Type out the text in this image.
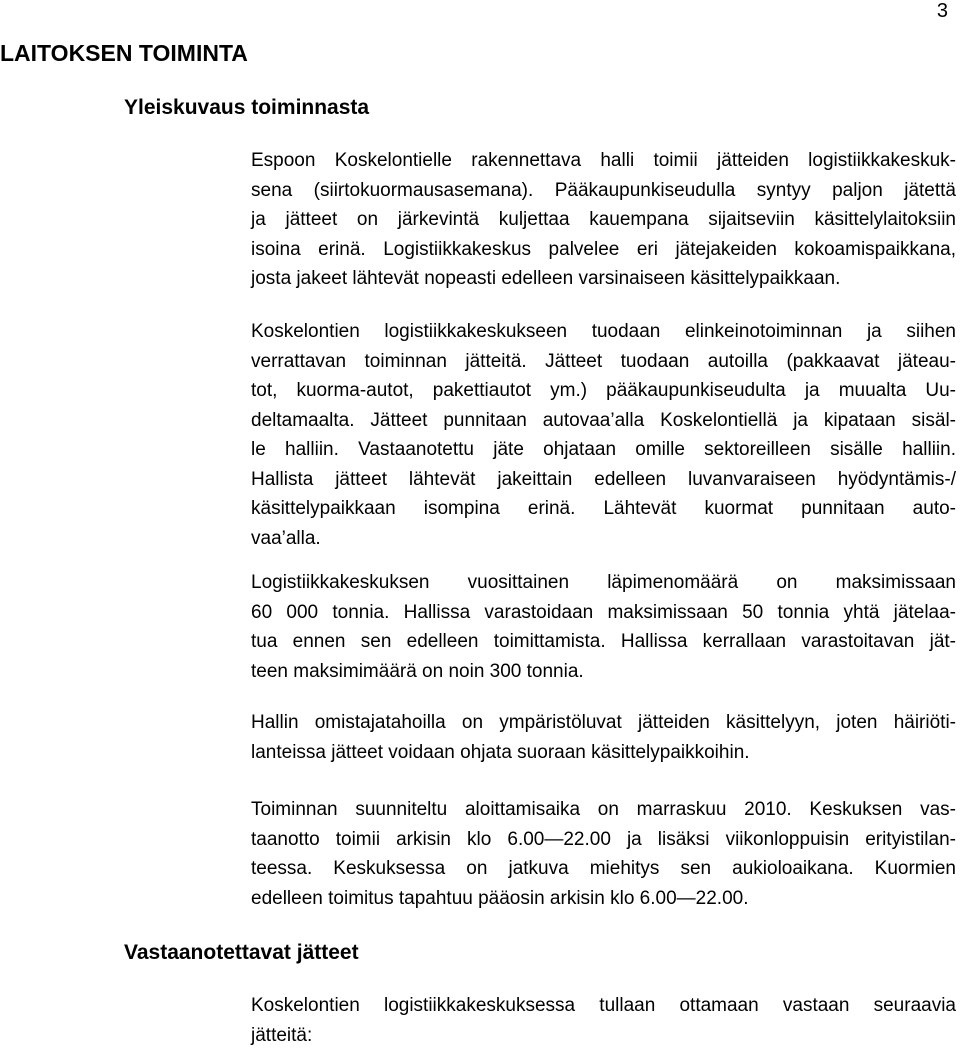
3
LAITOKSEN TOIMINTA
Yleiskuvaus toiminnasta

Espoon Koskelontielle rakennettava halli toimii jätteiden logistiikkakeskuk-
sena (siirtokuormausasemana). Pääkaupunkiseudulla syntyy paljon jätettä
ja jätteet on järkevintä kuljettaa kauempana sijaitseviin käsittelylaitoksiin
isoina erinä. Logistiikkakeskus palvelee eri jätejakeiden kokoamispaikkana,
josta jakeet lähtevät nopeasti edelleen varsinaiseen käsittelypaikkaan.

Koskelontien logistiikkakeskukseen tuodaan elinkeinotoiminnan ja siihen
verrattavan toiminnan jätteitä. Jätteet tuodaan autoilla (pakkaavat jäteau-
tot, kuorma-autot, pakettiautot ym.) pääkaupunkiseudulta ja muualta Uu-
deltamaalta. Jätteet punnitaan autovaa’alla Koskelontiellä ja kipataan sisäl-
le halliin. Vastaanotettu jäte ohjataan omille sektoreilleen sisälle halliin.
Hallista jätteet lähtevät jakeittain edelleen luvanvaraiseen hyödyntämis-/
käsittelypaikkaan isompina erinä. Lähtevät kuormat punnitaan auto-
vaa’alla.

Logistiikkakeskuksen vuosittainen läpimenomäärä on maksimissaan
60 000 tonnia. Hallissa varastoidaan maksimissaan 50 tonnia yhtä jätelaa-
tua ennen sen edelleen toimittamista. Hallissa kerrallaan varastoitavan jät-
teen maksimimäärä on noin 300 tonnia.

Hallin omistajatahoilla on ympäristöluvat jätteiden käsittelyyn, joten häiriöti-
lanteissa jätteet voidaan ohjata suoraan käsittelypaikkoihin.

Toiminnan suunniteltu aloittamisaika on marraskuu 2010. Keskuksen vas-
taanotto toimii arkisin klo 6.00—22.00 ja lisäksi viikonloppuisin erityistilan-
teessa. Keskuksessa on jatkuva miehitys sen aukioloaikana. Kuormien
edelleen toimitus tapahtuu pääosin arkisin klo 6.00—22.00.

Vastaanotettavat jätteet

Koskelontien logistiikkakeskuksessa tullaan ottamaan vastaan seuraavia
jätteitä:
